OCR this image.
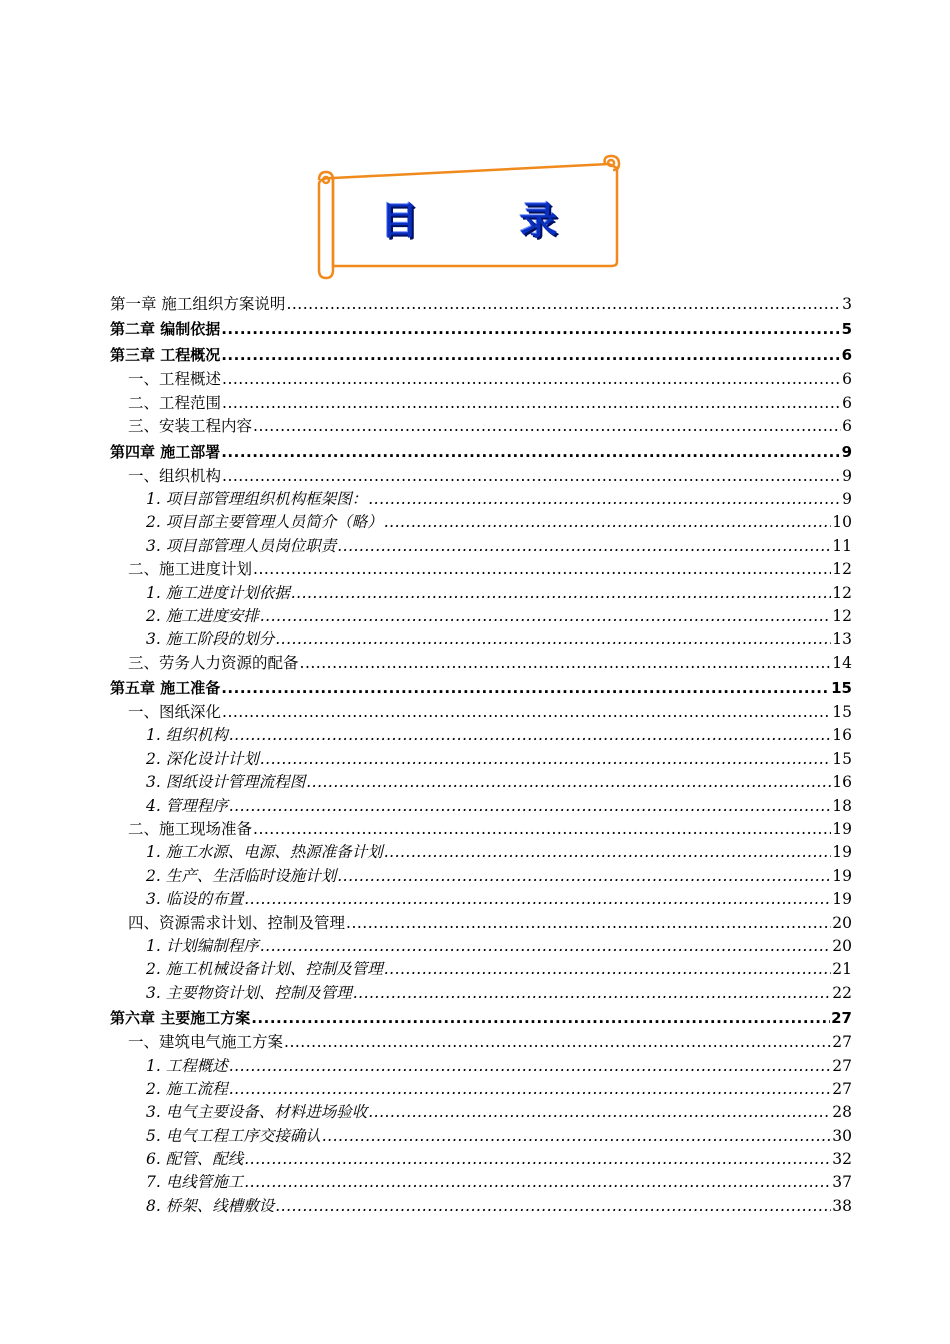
目 录
第一章 施工组织方案说明 .....	3
第二章 编制依据 .....	5
第三章 工程概况 .....	6
一、工程概述 .....	6
二、工程范围 .....	6
三、安装工程内容 .....	6
第四章 施工部署 .....	9
一、组织机构 .....	9
1. 项目部管理组织机构框架图： .....	9
2. 项目部主要管理人员简介（略） .....	10
3. 项目部管理人员岗位职责 .....	11
二、施工进度计划 .....	12
1. 施工进度计划依据 .....	12
2. 施工进度安排 .....	12
3. 施工阶段的划分 .....	13
三、劳务人力资源的配备 .....	14
第五章 施工准备 .....	15
一、图纸深化 .....	15
1. 组织机构 .....	16
2. 深化设计计划 .....	15
3. 图纸设计管理流程图 .....	16
4. 管理程序 .....	18
二、施工现场准备 .....	19
1. 施工水源、电源、热源准备计划 .....	19
2. 生产、生活临时设施计划 .....	19
3. 临设的布置 .....	19
四、资源需求计划、控制及管理 .....	20
1. 计划编制程序 .....	20
2. 施工机械设备计划、控制及管理 .....	21
3. 主要物资计划、控制及管理 .....	22
第六章 主要施工方案 .....	27
一、建筑电气施工方案 .....	27
1. 工程概述 .....	27
2. 施工流程 .....	27
3. 电气主要设备、材料进场验收 .....	28
5. 电气工程工序交接确认 .....	30
6. 配管、配线 .....	32
7. 电线管施工 .....	37
8. 桥架、线槽敷设 .....	38
